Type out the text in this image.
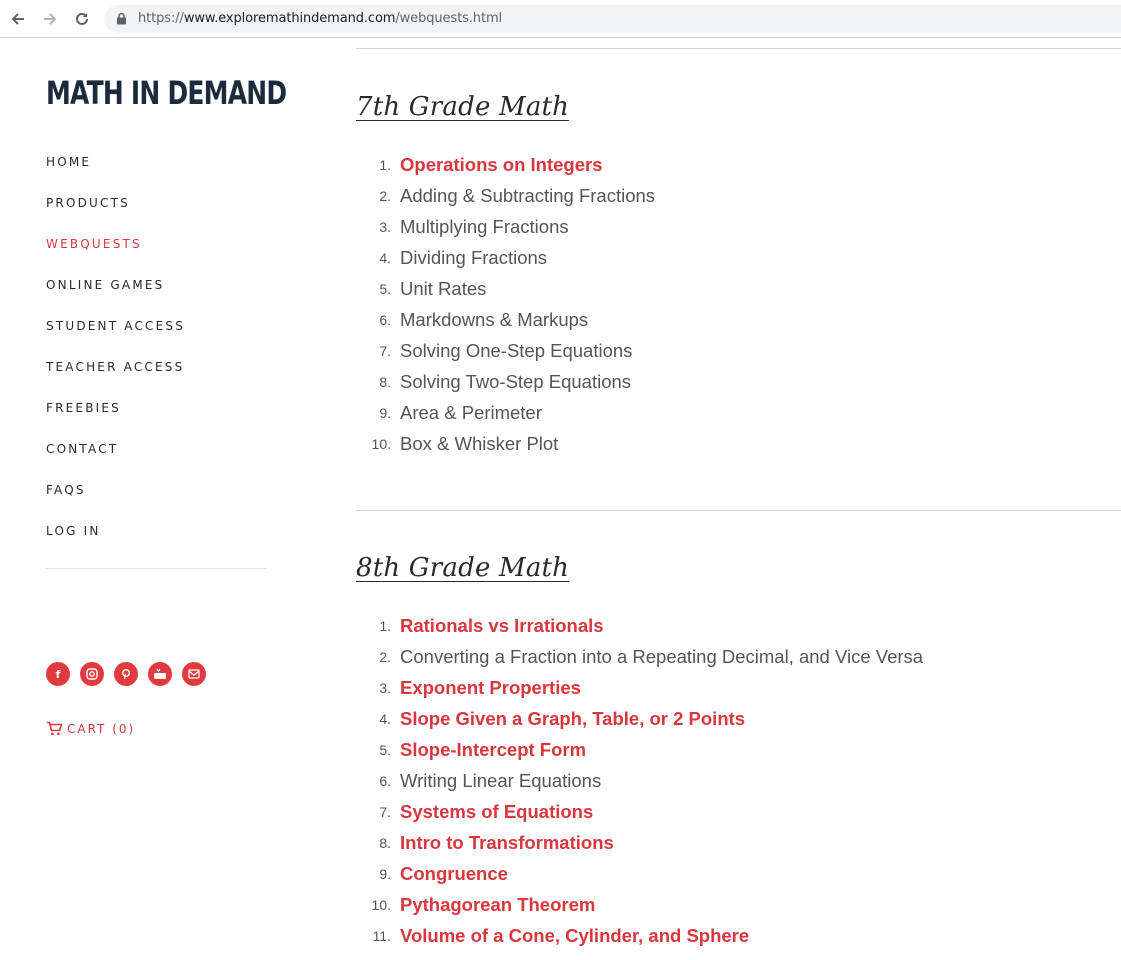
https://www.exploremathindemand.com/webquests.html
MATH IN DEMAND
HOME
PRODUCTS
WEBQUESTS
ONLINE GAMES
STUDENT ACCESS
TEACHER ACCESS
FREEBIES
CONTACT
FAQS
LOG IN
f
CART (0)
7th Grade Math
1. Operations on Integers
2. Adding & Subtracting Fractions
3. Multiplying Fractions
4. Dividing Fractions
5. Unit Rates
6. Markdowns & Markups
7. Solving One-Step Equations
8. Solving Two-Step Equations
9. Area & Perimeter
10. Box & Whisker Plot
8th Grade Math
1. Rationals vs Irrationals
2. Converting a Fraction into a Repeating Decimal, and Vice Versa
3. Exponent Properties
4. Slope Given a Graph, Table, or 2 Points
5. Slope-Intercept Form
6. Writing Linear Equations
7. Systems of Equations
8. Intro to Transformations
9. Congruence
10. Pythagorean Theorem
11. Volume of a Cone, Cylinder, and Sphere
